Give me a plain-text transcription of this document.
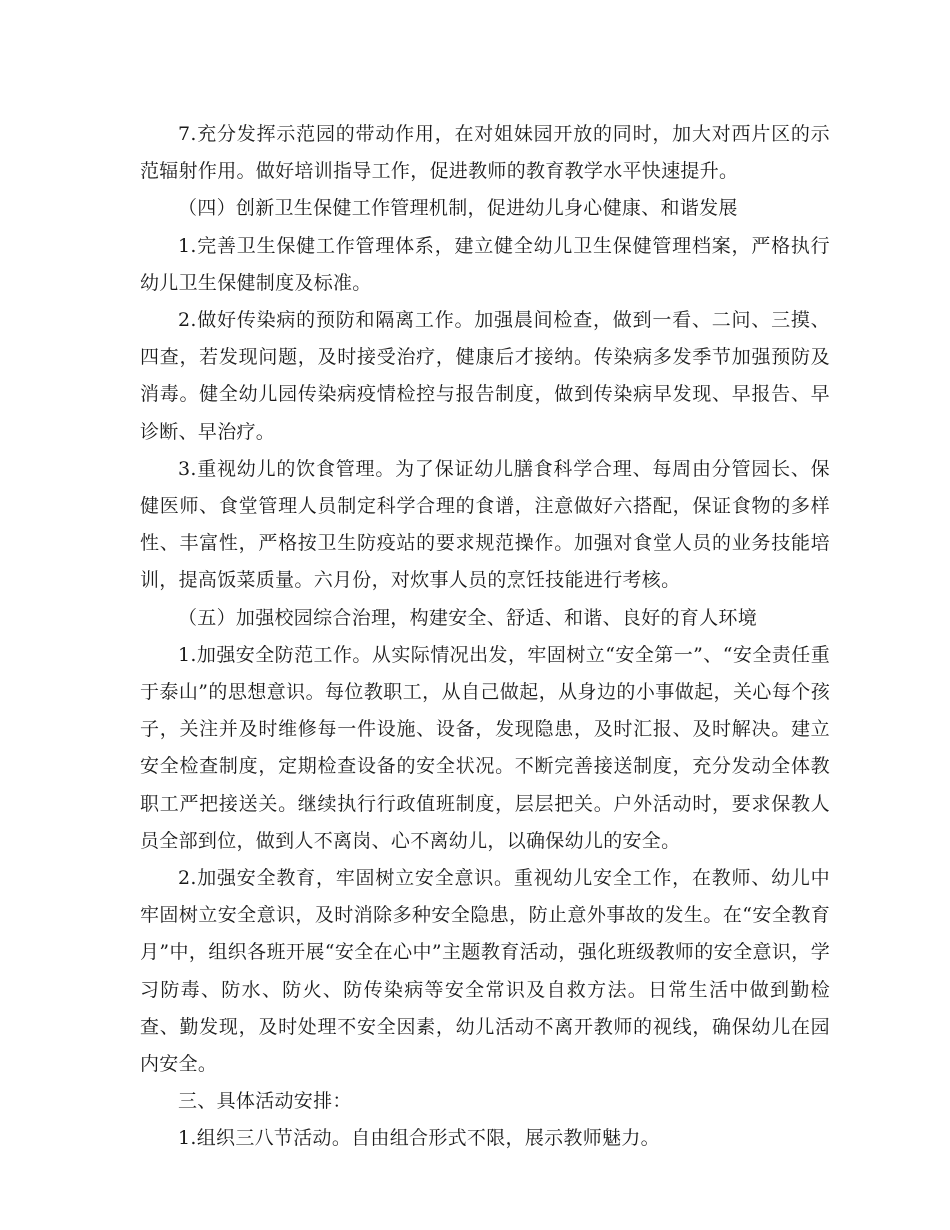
7.充分发挥示范园的带动作用，在对姐妹园开放的同时，加大对西片区的示范辐射作用。做好培训指导工作，促进教师的教育教学水平快速提升。

（四）创新卫生保健工作管理机制，促进幼儿身心健康、和谐发展

1.完善卫生保健工作管理体系，建立健全幼儿卫生保健管理档案，严格执行幼儿卫生保健制度及标准。

2.做好传染病的预防和隔离工作。加强晨间检查，做到一看、二问、三摸、四查，若发现问题，及时接受治疗，健康后才接纳。传染病多发季节加强预防及消毒。健全幼儿园传染病疫情检控与报告制度，做到传染病早发现、早报告、早诊断、早治疗。

3.重视幼儿的饮食管理。为了保证幼儿膳食科学合理、每周由分管园长、保健医师、食堂管理人员制定科学合理的食谱，注意做好六搭配，保证食物的多样性、丰富性，严格按卫生防疫站的要求规范操作。加强对食堂人员的业务技能培训，提高饭菜质量。六月份，对炊事人员的烹饪技能进行考核。

（五）加强校园综合治理，构建安全、舒适、和谐、良好的育人环境

1.加强安全防范工作。从实际情况出发，牢固树立“安全第一”、“安全责任重于泰山”的思想意识。每位教职工，从自己做起，从身边的小事做起，关心每个孩子，关注并及时维修每一件设施、设备，发现隐患，及时汇报、及时解决。建立安全检查制度，定期检查设备的安全状况。不断完善接送制度，充分发动全体教职工严把接送关。继续执行行政值班制度，层层把关。户外活动时，要求保教人员全部到位，做到人不离岗、心不离幼儿，以确保幼儿的安全。

2.加强安全教育，牢固树立安全意识。重视幼儿安全工作，在教师、幼儿中牢固树立安全意识，及时消除多种安全隐患，防止意外事故的发生。在“安全教育月”中，组织各班开展“安全在心中”主题教育活动，强化班级教师的安全意识，学习防毒、防水、防火、防传染病等安全常识及自救方法。日常生活中做到勤检查、勤发现，及时处理不安全因素，幼儿活动不离开教师的视线，确保幼儿在园内安全。

三、具体活动安排：

1.组织三八节活动。自由组合形式不限，展示教师魅力。
